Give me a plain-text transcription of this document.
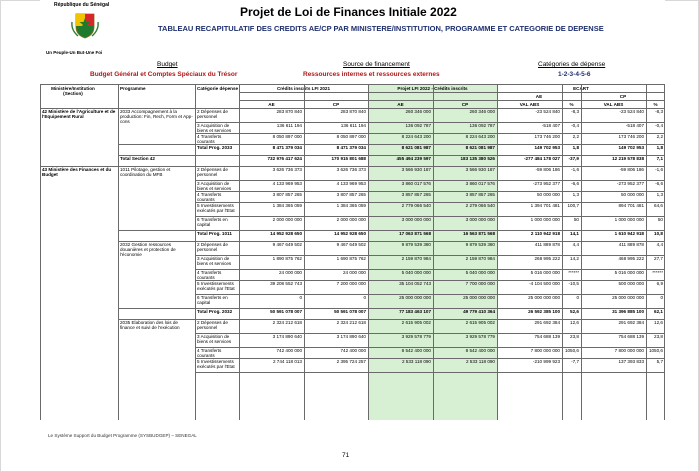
République du Sénégal
Un Peuple-Un But-Une Foi
Projet de Loi de Finances Initiale 2022
TABLEAU RECAPITULATIF DES CREDITS AE/CP PAR MINISTERE/INSTITUTION, PROGRAMME ET CATEGORIE DE DEPENSE
Budget
Budget Général et Comptes Spéciaux du Trésor
Source de financement
Ressources internes et ressources externes
Catégories de dépense
1-2-3-4-5-6
Ministère/Institution (Section)
Programme	Catégorie dépense	Crédits inscrits LFI 2021	Projet LFI 2022 - Crédits inscrits	ECART
AE	CP
AE	CP	AE	CP	VAL ABS	%	VAL ABS	%
42 Ministère de l'Agriculture et de l'Equipement Rural
2033 Accompagnement à la production: Fin, Rech, Form et App-cons
2 Dépenses de personnel
283 870 840	283 870 840	260 346 000	260 346 000	-23 524 840	-8,3	-23 524 840	-8,3
3 Acquisition de biens et services
136 611 194	136 611 194	136 092 787	136 092 787	-518 407	-0,4	-518 407	-0,4
4 Transferts courants
8 050 897 000	8 050 897 000	8 224 643 200	8 224 643 200	173 746 200	2,2	173 746 200	2,2
Total Prog. 2033	8 471 379 034	8 471 379 034	8 621 081 987	8 621 081 987	149 702 953	1,8	149 702 953	1,8
Total Section 42	732 976 417 624	170 915 801 688	455 494 239 597	183 135 380 526	-277 484 178 027	-37,9	12 219 578 838	7,1
43 Ministère des Finances et du Budget
1011 Pilotage, gestion et coordination du MFB
2 Dépenses de personnel
3 626 736 373	3 626 736 373	3 566 930 187	3 566 930 187	-59 806 186	-1,6	-59 806 186	-1,6
3 Acquisition de biens et services
4 133 969 953	4 133 969 953	3 860 017 576	3 860 017 576	-273 952 377	-6,6	-273 952 377	-6,6
4 Transferts courants
3 807 857 265	3 807 857 265	3 857 857 265	3 857 857 265	50 000 000	1,3	50 000 000	1,3
5 Investissements exécutés par l'Etat
1 384 365 059	1 384 365 059	2 779 066 540	2 279 066 540	1 394 701 481	100,7	894 701 481	64,6
6 Transferts en capital
2 000 000 000	2 000 000 000	3 000 000 000	3 000 000 000	1 000 000 000	50	1 000 000 000	50
Total Prog. 1011	14 952 928 650	14 952 928 650	17 063 871 568	16 563 871 568	2 110 942 918	14,1	1 610 942 918	10,8
2032 Gestion ressources douanières et protection de l'économie
2 Dépenses de personnel
9 467 649 502	9 467 649 502	9 879 539 380	9 879 539 380	411 889 878	4,4	411 889 878	4,4
3 Acquisition de biens et services
1 890 875 762	1 690 875 762	2 159 870 984	2 159 870 984	268 995 222	14,2	468 995 222	27,7
4 Transferts courants
24 000 000	24 000 000	5 040 000 000	5 040 000 000	5 016 000 000	******	5 016 000 000	******
5 Investissements exécutés par l'Etat
39 208 552 743	7 200 000 000	35 104 052 743	7 700 000 000	-4 104 500 000	-10,5	500 000 000	6,9
6 Transferts en capital
0	0	25 000 000 000	25 000 000 000	25 000 000 000	0	25 000 000 000	0
Total Prog. 2032	50 591 078 007	50 591 078 007	77 183 463 107	49 779 410 364	26 592 385 100	52,6	31 396 885 100	62,1
2035 Elaboration des lois de finance et suivi de l'exécution
2 Dépenses de personnel
2 324 212 618	2 324 212 618	2 615 905 002	2 615 905 002	291 692 384	12,6	291 692 384	12,6
3 Acquisition de biens et services
3 174 890 640	3 174 890 640	3 929 578 779	3 929 578 779	754 688 139	23,8	754 688 139	23,8
4 Transferts courants
742 400 000	742 400 000	8 542 400 000	8 542 400 000	7 800 000 000	1050,6	7 800 000 000	1050,6
5 Investissements exécutés par l'Etat
2 744 118 013	2 395 724 257	2 533 118 090	2 533 118 090	-210 999 923	-7,7	137 393 833	5,7
Le Système Support du Budget Programme (SYSBUDGEP) – SENEGAL
71
